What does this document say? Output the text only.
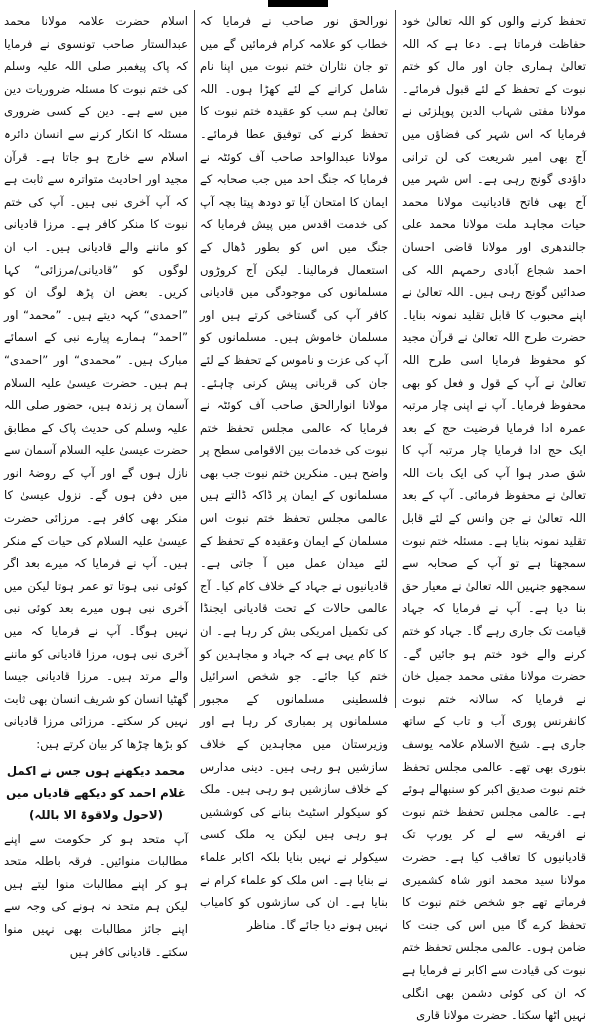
تحفظ کرنے والوں کو اللہ تعالیٰ خود حفاظت فرماتا ہے۔ دعا ہے کہ اللہ تعالیٰ ہماری جان اور مال کو ختم نبوت کے تحفظ کے لئے قبول فرمائے۔ مولانا مفتی شہاب الدین پوپلزئی نے فرمایا کہ اس شہر کی فضاؤں میں آج بھی امیر شریعت کی لن ترانی داؤدی گونج رہی ہے۔ اس شہر میں آج بھی فاتح قادیانیت مولانا محمد حیات مجاہد ملت مولانا محمد علی جالندھری اور مولانا قاضی احسان احمد شجاع آبادی رحمہم اللہ کی صدائیں گونج رہی ہیں۔ اللہ تعالیٰ نے اپنے محبوب کا قابل تقلید نمونہ بنایا۔ حضرت طرح اللہ تعالیٰ نے قرآن مجید کو محفوظ فرمایا اسی طرح اللہ تعالیٰ نے آپ کے قول و فعل کو بھی محفوظ فرمایا۔ آپ نے اپنی چار مرتبہ عمرہ ادا فرمایا فرضیت حج کے بعد ایک حج ادا فرمایا چار مرتبہ آپ کا شق صدر ہوا آپ کی ایک بات اللہ تعالیٰ نے محفوظ فرمائی۔ آپ کے بعد اللہ تعالیٰ نے جن وانس کے لئے قابل تقلید نمونہ بنایا ہے۔ مسئلہ ختم نبوت سمجھتا ہے تو آپ کے صحابہ سے سمجھو جنہیں اللہ تعالیٰ نے معیار حق بنا دیا ہے۔ آپ نے فرمایا کہ جہاد قیامت تک جاری رہے گا۔ جہاد کو ختم کرنے والے خود ختم ہو جائیں گے۔ حضرت مولانا مفتی محمد جمیل خان نے فرمایا کہ سالانہ ختم نبوت کانفرنس پوری آب و تاب کے ساتھ جاری ہے۔ شیخ الاسلام علامہ یوسف بنوری بھی تھے۔ عالمی مجلس تحفظ ختم نبوت صدیق اکبر کو سنبھالے ہوئے ہے۔ عالمی مجلس تحفظ ختم نبوت نے افریقہ سے لے کر یورپ تک قادیانیوں کا تعاقب کیا ہے۔ حضرت مولانا سید محمد انور شاہ کشمیری فرماتے تھے جو شخص ختم نبوت کا تحفظ کرے گا میں اس کی جنت کا ضامن ہوں۔ عالمی مجلس تحفظ ختم نبوت کی قیادت سے اکابر نے فرمایا ہے کہ ان کی کوئی دشمن بھی انگلی نہیں اٹھا سکتا۔ حضرت مولانا قاری

نورالحق نور صاحب نے فرمایا کہ خطاب کو علامہ کرام فرمائیں گے میں تو جان نثاران ختم نبوت میں اپنا نام شامل کرانے کے لئے کھڑا ہوں۔ اللہ تعالیٰ ہم سب کو عقیدہ ختم نبوت کا تحفظ کرنے کی توفیق عطا فرمائے۔ مولانا عبدالواحد صاحب آف کوئٹہ نے فرمایا کہ جنگ احد میں جب صحابہ کے ایمان کا امتحان آیا تو دودھ پیتا بچہ آپ کی خدمت اقدس میں پیش فرمایا کہ جنگ میں اس کو بطور ڈھال کے استعمال فرمالینا۔ لیکن آج کروڑوں مسلمانوں کی موجودگی میں قادیانی کافر آپ کی گستاخی کرتے ہیں اور مسلمان خاموش ہیں۔ مسلمانوں کو آپ کی عزت و ناموس کے تحفظ کے لئے جان کی قربانی پیش کرنی چاہئے۔ مولانا انوارالحق صاحب آف کوئٹہ نے فرمایا کہ عالمی مجلس تحفظ ختم نبوت کی خدمات بین الاقوامی سطح پر واضح ہیں۔ منکرین ختم نبوت جب بھی مسلمانوں کے ایمان پر ڈاکہ ڈالتے ہیں عالمی مجلس تحفظ ختم نبوت اس مسلمان کے ایمان وعقیدہ کے تحفظ کے لئے میدان عمل میں آ جاتی ہے۔ قادیانیوں نے جہاد کے خلاف کام کیا۔ آج عالمی حالات کے تحت قادیانی ایجنڈا کی تکمیل امریکی بش کر رہا ہے۔ ان کا کام یہی ہے کہ جہاد و مجاہدین کو ختم کیا جائے۔ جو شخص اسرائیل فلسطینی مسلمانوں کے مجبور مسلمانوں پر بمباری کر رہا ہے اور وزیرستان میں مجاہدین کے خلاف سازشیں ہو رہی ہیں۔ دینی مدارس کے خلاف سازشیں ہو رہی ہیں۔ ملک کو سیکولر اسٹیٹ بنانے کی کوششیں ہو رہی ہیں لیکن یہ ملک کسی سیکولر نے نہیں بنایا بلکہ اکابر علماء نے بنایا ہے۔ اس ملک کو علماء کرام نے بنایا ہے۔ ان کی سازشوں کو کامیاب نہیں ہونے دیا جائے گا۔ مناظر

اسلام حضرت علامہ مولانا محمد عبدالستار صاحب تونسوی نے فرمایا کہ پاک پیغمبر صلی اللہ علیہ وسلم کی ختم نبوت کا مسئلہ ضروریات دین میں سے ہے۔ دین کے کسی ضروری مسئلہ کا انکار کرنے سے انسان دائرہ اسلام سے خارج ہو جاتا ہے۔ قرآن مجید اور احادیث متواترہ سے ثابت ہے کہ آپ آخری نبی ہیں۔ آپ کی ختم نبوت کا منکر کافر ہے۔ مرزا قادیانی کو ماننے والے قادیانی ہیں۔ اب ان لوگوں کو ”قادیانی/مرزائی“ کہا کریں۔ بعض ان پڑھ لوگ ان کو ”احمدی“ کہہ دیتے ہیں۔ ”محمد“ اور ”احمد“ ہمارے پیارے نبی کے اسمائے مبارک ہیں۔ ”محمدی“ اور ”احمدی“ ہم ہیں۔ حضرت عیسیٰ علیہ السلام آسمان پر زندہ ہیں، حضور صلی اللہ علیہ وسلم کی حدیث پاک کے مطابق حضرت عیسیٰ علیہ السلام آسمان سے نازل ہوں گے اور آپ کے روضۂ انور میں دفن ہوں گے۔ نزول عیسیٰ کا منکر بھی کافر ہے۔ مرزائی حضرت عیسیٰ علیہ السلام کی حیات کے منکر ہیں۔ آپ نے فرمایا کہ میرے بعد اگر کوئی نبی ہوتا تو عمر ہوتا لیکن میں آخری نبی ہوں میرے بعد کوئی نبی نہیں ہوگا۔ آپ نے فرمایا کہ میں آخری نبی ہوں، مرزا قادیانی کو ماننے والے مرتد ہیں۔ مرزا قادیانی جیسا گھٹیا انسان کو شریف انسان بھی ثابت نہیں کر سکتے۔ مرزائی مرزا قادیانی کو بڑھا چڑھا کر بیان کرتے ہیں:

محمد دیکھنے ہوں جس نے اکمل
غلام احمد کو دیکھے قادیاں میں
(لاحول ولاقوۃ الا باللہ)

آپ متحد ہو کر حکومت سے اپنے مطالبات منوائیں۔ فرقہ باطلہ متحد ہو کر اپنے مطالبات منوا لیتے ہیں لیکن ہم متحد نہ ہونے کی وجہ سے اپنے جائز مطالبات بھی نہیں منوا سکتے۔ قادیانی کافر ہیں
